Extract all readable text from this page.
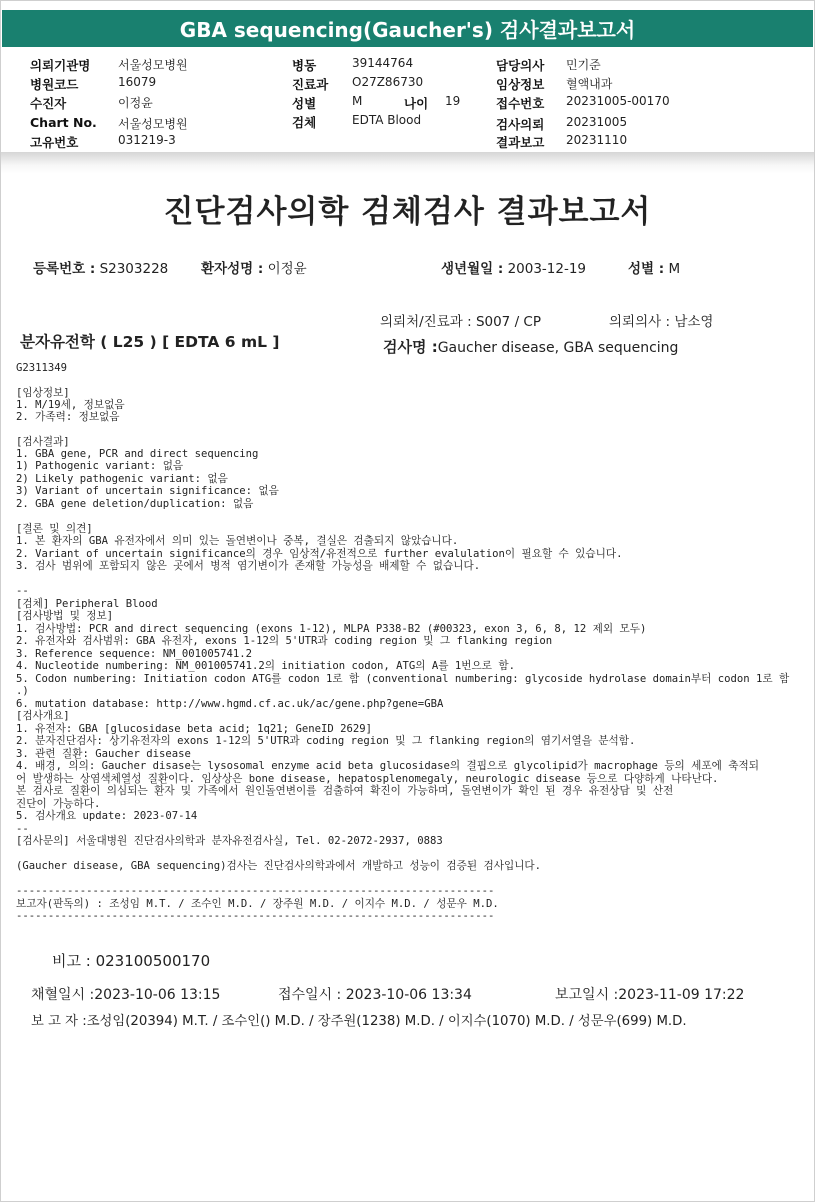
GBA sequencing(Gaucher's) 검사결과보고서
의뢰기관명 서울성모병원
병원코드	16079
수진자	이정윤
Chart No. 서울성모병원
고유번호	031219-3
병동	39144764
진료과 O27Z86730
성별	M
검체	EDTA Blood
나이 19
담당의사 민기준
임상정보 혈액내과
접수번호 20231005-00170
검사의뢰 20231005
결과보고 20231110
진단검사의학 검체검사 결과보고서
등록번호 : S2303228 환자성명 : 이정윤	생년월일 : 2003-12-19	성별 : M
의뢰처/진료과 : S007 / CP	의뢰의사 : 남소영
분자유전학 ( L25 ) [ EDTA 6 mL ]	검사명 :Gaucher disease, GBA sequencing
G2311349
[임상정보]
1. M/19세, 정보없음
2. 가족력: 정보없음
[검사결과]
1. GBA gene, PCR and direct sequencing
1) Pathogenic variant: 없음
2) Likely pathogenic variant: 없음
3) Variant of uncertain significance: 없음
2. GBA gene deletion/duplication: 없음
[결론 및 의견]
1. 본 환자의 GBA 유전자에서 의미 있는 돌연변이나 중복, 결실은 검출되지 않았습니다.
2. Variant of uncertain significance의 경우 임상적/유전적으로 further evalulation이 필요할 수 있습니다.
3. 검사 범위에 포함되지 않은 곳에서 병적 염기변이가 존재할 가능성을 배제할 수 없습니다.
--
[검체] Peripheral Blood
[검사방법 및 정보]
1. 검사방법: PCR and direct sequencing (exons 1-12), MLPA P338-B2 (#00323, exon 3, 6, 8, 12 제외 모두)
2. 유전자와 검사범위: GBA 유전자, exons 1-12의 5'UTR과 coding region 및 그 flanking region
3. Reference sequence: NM_001005741.2
4. Nucleotide numbering: NM_001005741.2의 initiation codon, ATG의 A를 1번으로 함.
5. Codon numbering: Initiation codon ATG를 codon 1로 함 (conventional numbering: glycoside hydrolase domain부터 codon 1로 함
.)
6. mutation database: http://www.hgmd.cf.ac.uk/ac/gene.php?gene=GBA
[검사개요]
1. 유전자: GBA [glucosidase beta acid; 1q21; GeneID 2629]
2. 분자진단검사: 상기유전자의 exons 1-12의 5'UTR과 coding region 및 그 flanking region의 염기서열을 분석함.
3. 관련 질환: Gaucher disease
4. 배경, 의의: Gaucher disase는 lysosomal enzyme acid beta glucosidase의 결핍으로 glycolipid가 macrophage 등의 세포에 축적되
어 발생하는 상염색체열성 질환이다. 임상상은 bone disease, hepatosplenomegaly, neurologic disease 등으로 다양하게 나타난다.
본 검사로 질환이 의심되는 환자 및 가족에서 원인돌연변이를 검출하여 확진이 가능하며, 돌연변이가 확인 된 경우 유전상담 및 산전
진단이 가능하다.
5. 검사개요 update: 2023-07-14
--
[검사문의] 서울대병원 진단검사의학과 분자유전검사실, Tel. 02-2072-2937, 0883
(Gaucher disease, GBA sequencing)검사는 진단검사의학과에서 개발하고 성능이 검증된 검사입니다.
---------------------------------------------------------------------------
보고자(판독의) : 조성임 M.T. / 조수인 M.D. / 장주원 M.D. / 이지수 M.D. / 성문우 M.D.
---------------------------------------------------------------------------
비고 : 023100500170
채혈일시 :2023-10-06 13:15	접수일시 : 2023-10-06 13:34	보고일시 :2023-11-09 17:22
보 고 자 :조성임(20394) M.T. / 조수인() M.D. / 장주원(1238) M.D. / 이지수(1070) M.D. / 성문우(699) M.D.
